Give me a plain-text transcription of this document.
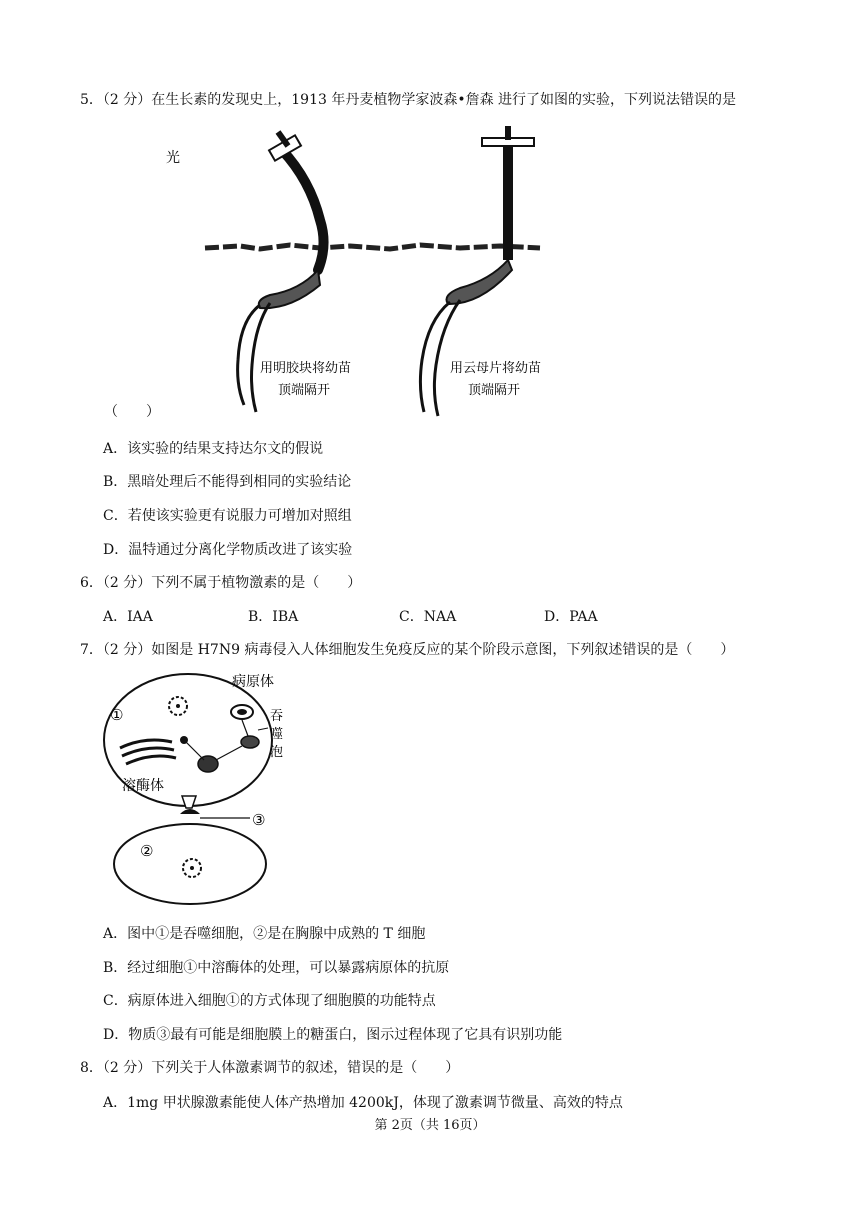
5．（2 分）在生长素的发现史上，1913 年丹麦植物学家波森•詹森 进行了如图的实验，下列说法错误的是
光
用明胶块将幼苗
顶端隔开
用云母片将幼苗
顶端隔开
（　　）
A．该实验的结果支持达尔文的假说
B．黑暗处理后不能得到相同的实验结论
C．若使该实验更有说服力可增加对照组
D．温特通过分离化学物质改进了该实验
6．（2 分）下列不属于植物激素的是（　　）
A．IAA	B．IBA	C．NAA	D．PAA
7．（2 分）如图是 H7N9 病毒侵入人体细胞发生免疫反应的某个阶段示意图，下列叙述错误的是（　　）
①
病原体
吞
噬
泡
溶酶体
③
②
A．图中①是吞噬细胞，②是在胸腺中成熟的 T 细胞
B．经过细胞①中溶酶体的处理，可以暴露病原体的抗原
C．病原体进入细胞①的方式体现了细胞膜的功能特点
D．物质③最有可能是细胞膜上的糖蛋白，图示过程体现了它具有识别功能
8．（2 分）下列关于人体激素调节的叙述，错误的是（　　）
A．1mg 甲状腺激素能使人体产热增加 4200kJ，体现了激素调节微量、高效的特点
第 2页（共 16页）
